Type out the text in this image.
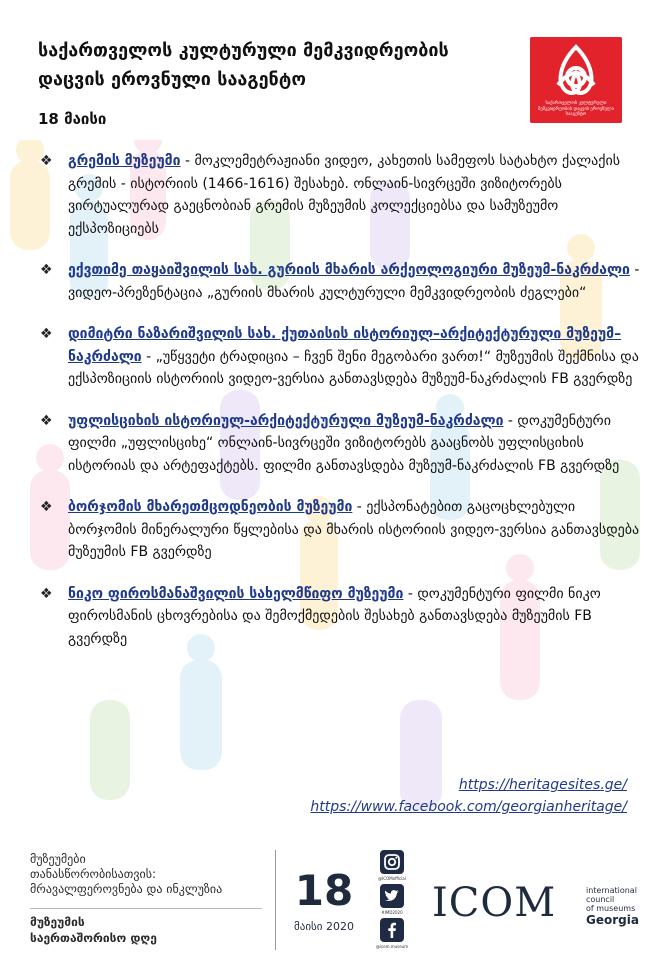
საქართველოს კულტურული მემკვიდრეობის დაცვის ეროვნული სააგენტო
18 მაისი
საქართველოს კულტურული მემკვიდრეობის დაცვის ეროვნული სააგენტო
❖ გრემის მუზეუმი - მოკლემეტრაჟიანი ვიდეო, კახეთის სამეფოს სატახტო ქალაქის გრემის - ისტორიის (1466-1616) შესახებ. ონლაინ-სივრცეში ვიზიტორებს ვირტუალურად გაეცნობიან გრემის მუზეუმის კოლექციებსა და სამუზეუმო ექსპოზიციებს
❖ ექვთიმე თაყაიშვილის სახ. გურიის მხარის არქეოლოგიური მუზეუმ-ნაკრძალი - ვიდეო-პრეზენტაცია „გურიის მხარის კულტურული მემკვიდრეობის ძეგლები“
❖ დიმიტრი ნაზარიშვილის სახ. ქუთაისის ისტორიულ–არქიტექტურული მუზეუმ–ნაკრძალი - „უწყვეტი ტრადიცია – ჩვენ შენი მეგობარი ვართ!“ მუზეუმის შექმნისა და ექსპოზიციის ისტორიის ვიდეო-ვერსია განთავსდება მუზეუმ-ნაკრძალის FB გვერდზე
❖ უფლისციხის ისტორიულ-არქიტექტურული მუზეუმ-ნაკრძალი - დოკუმენტური ფილმი „უფლისციხე“ ონლაინ-სივრცეში ვიზიტორებს გააცნობს უფლისციხის ისტორიას და არტეფაქტებს. ფილმი განთავსდება მუზეუმ-ნაკრძალის FB გვერდზე
❖ ბორჯომის მხარეთმცოდნეობის მუზეუმი - ექსპონატებით გაცოცხლებული ბორჯომის მინერალური წყლებისა და მხარის ისტორიის ვიდეო-ვერსია განთავსდება მუზეუმის FB გვერდზე
❖ ნიკო ფიროსმანაშვილის სახელმწიფო მუზეუმი - დოკუმენტური ფილმი ნიკო ფიროსმანის ცხოვრებისა და შემოქმედების შესახებ განთავსდება მუზეუმის FB გვერდზე
https://heritagesites.ge/
https://www.facebook.com/georgianheritage/
მუზეუმები
თანასწორობისათვის:
მრავალფეროვნება და ინკლუზია
მუზეუმის
საერთაშორისო დღე
18
მაისი 2020
@ICOMofficial
#IMD2020
@icom.museum
ICOM	international
council
of museums
Georgia
